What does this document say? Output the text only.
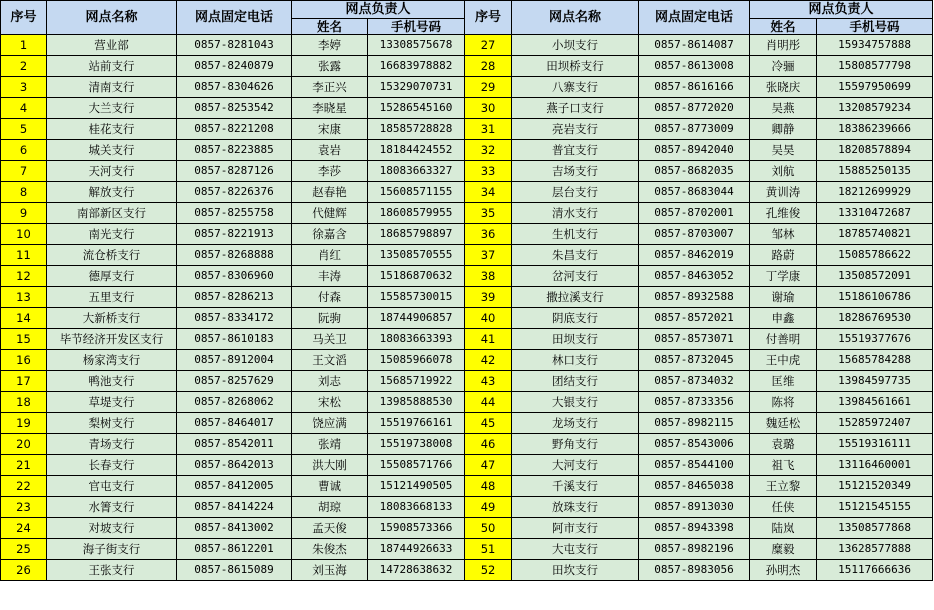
序号	网点名称	网点固定电话	网点负责人		序号	网点名称	网点固定电话	网点负责人	
			姓名	手机号码				姓名	手机号码
1	营业部	0857-8281043	李婷	13308575678	27	小坝支行	0857-8614087	肖明彤	15934757888
2	站前支行	0857-8240879	张露	16683978882	28	田坝桥支行	0857-8613008	冷骊	15808577798
3	清南支行	0857-8304626	李正兴	15329070731	29	八寨支行	0857-8616166	张晓庆	15597950699
4	大兰支行	0857-8253542	李晓星	15286545160	30	燕子口支行	0857-8772020	吴燕	13208579234
5	桂花支行	0857-8221208	宋康	18585728828	31	亮岩支行	0857-8773009	卿静	18386239666
6	城关支行	0857-8223885	袁岩	18184424552	32	普宜支行	0857-8942040	吴昊	18208578894
7	天河支行	0857-8287126	李莎	18083663327	33	吉场支行	0857-8682035	刘航	15885250135
8	解放支行	0857-8226376	赵春艳	15608571155	34	层台支行	0857-8683044	黄训涛	18212699929
9	南部新区支行	0857-8255758	代健辉	18608579955	35	清水支行	0857-8702001	孔维俊	13310472687
10	南光支行	0857-8221913	徐嘉含	18685798897	36	生机支行	0857-8703007	邹林	18785740821
11	流仓桥支行	0857-8268888	肖红	13508570555	37	朱昌支行	0857-8462019	路蔚	15085786622
12	德厚支行	0857-8306960	丰涛	15186870632	38	岔河支行	0857-8463052	丁学康	13508572091
13	五里支行	0857-8286213	付森	15585730015	39	撒拉溪支行	0857-8932588	谢瑜	15186106786
14	大新桥支行	0857-8334172	阮驹	18744906857	40	阴底支行	0857-8572021	申鑫	18286769530
15	毕节经济开发区支行	0857-8610183	马关卫	18083663393	41	田坝支行	0857-8573071	付善明	15519377676
16	杨家湾支行	0857-8912004	王文滔	15085966078	42	林口支行	0857-8732045	王中虎	15685784288
17	鸭池支行	0857-8257629	刘志	15685719922	43	团结支行	0857-8734032	匡维	13984597735
18	草堤支行	0857-8268062	宋松	13985888530	44	大银支行	0857-8733356	陈将	13984561661
19	梨树支行	0857-8464017	饶应满	15519766161	45	龙场支行	0857-8982115	魏廷松	15285972407
20	青场支行	0857-8542011	张靖	15519738008	46	野角支行	0857-8543006	袁璐	15519316111
21	长春支行	0857-8642013	洪大刚	15508571766	47	大河支行	0857-8544100	祖飞	13116460001
22	官屯支行	0857-8412005	曹诚	15121490505	48	千溪支行	0857-8465038	王立黎	15121520349
23	水箐支行	0857-8414224	胡琼	18083668133	49	放珠支行	0857-8913030	任侠	15121545155
24	对坡支行	0857-8413002	孟天俊	15908573366	50	阿市支行	0857-8943398	陆岚	13508577868
25	海子街支行	0857-8612201	朱俊杰	18744926633	51	大屯支行	0857-8982196	糜毅	13628577888
26	王张支行	0857-8615089	刘玉海	14728638632	52	田坎支行	0857-8983056	孙明杰	15117666636
